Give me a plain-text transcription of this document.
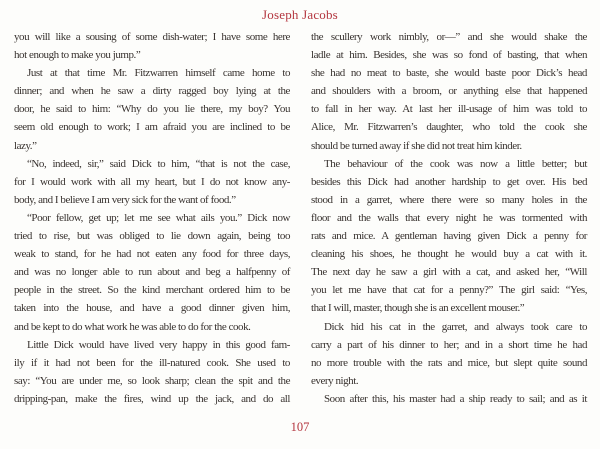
Joseph Jacobs
you will like a sousing of some dish-water; I have some here
hot enough to make you jump.”
Just at that time Mr. Fitzwarren himself came home to
dinner; and when he saw a dirty ragged boy lying at the
door, he said to him: “Why do you lie there, my boy? You
seem old enough to work; I am afraid you are inclined to be
lazy.”
“No, indeed, sir,” said Dick to him, “that is not the case,
for I would work with all my heart, but I do not know any-
body, and I believe I am very sick for the want of food.”
“Poor fellow, get up; let me see what ails you.” Dick now
tried to rise, but was obliged to lie down again, being too
weak to stand, for he had not eaten any food for three days,
and was no longer able to run about and beg a halfpenny of
people in the street. So the kind merchant ordered him to be
taken into the house, and have a good dinner given him,
and be kept to do what work he was able to do for the cook.
Little Dick would have lived very happy in this good fam-
ily if it had not been for the ill-natured cook. She used to
say: “You are under me, so look sharp; clean the spit and the
dripping-pan, make the fires, wind up the jack, and do all
the scullery work nimbly, or—” and she would shake the
ladle at him. Besides, she was so fond of basting, that when
she had no meat to baste, she would baste poor Dick’s head
and shoulders with a broom, or anything else that happened
to fall in her way. At last her ill-usage of him was told to
Alice, Mr. Fitzwarren’s daughter, who told the cook she
should be turned away if she did not treat him kinder.
The behaviour of the cook was now a little better; but
besides this Dick had another hardship to get over. His bed
stood in a garret, where there were so many holes in the
floor and the walls that every night he was tormented with
rats and mice. A gentleman having given Dick a penny for
cleaning his shoes, he thought he would buy a cat with it.
The next day he saw a girl with a cat, and asked her, “Will
you let me have that cat for a penny?” The girl said: “Yes,
that I will, master, though she is an excellent mouser.”
Dick hid his cat in the garret, and always took care to
carry a part of his dinner to her; and in a short time he had
no more trouble with the rats and mice, but slept quite sound
every night.
Soon after this, his master had a ship ready to sail; and as it
107
